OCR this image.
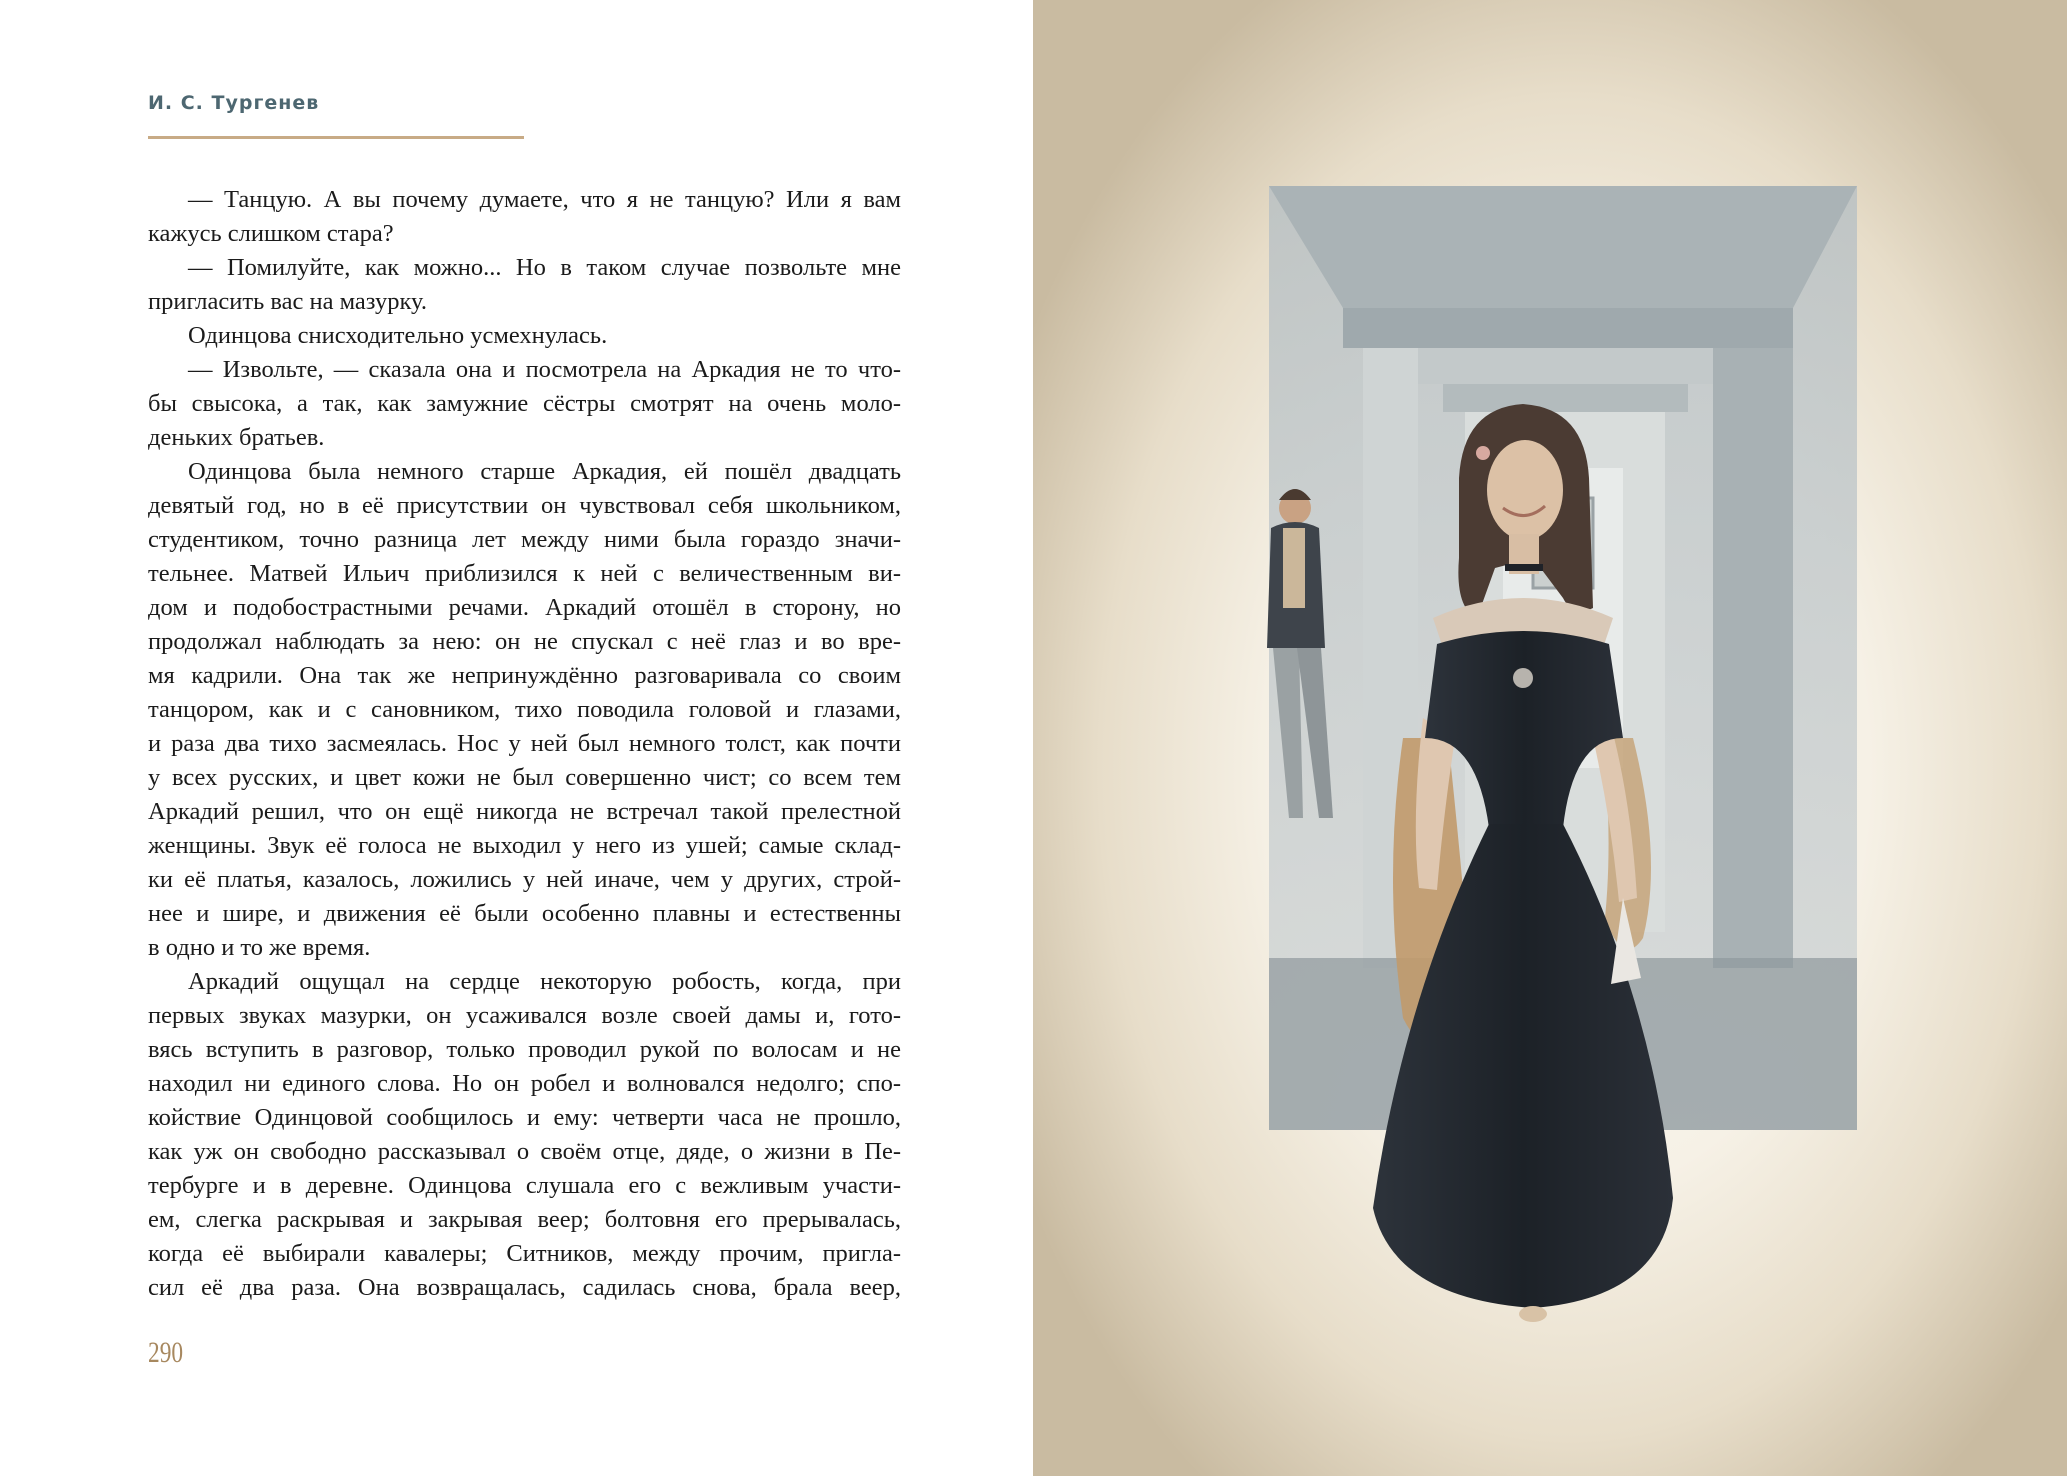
И. С. Тургенев
— Танцую. А вы почему думаете, что я не танцую? Или я вам
кажусь слишком стара?
— Помилуйте, как можно... Но в таком случае позвольте мне
пригласить вас на мазурку.
Одинцова снисходительно усмехнулась.
— Извольте, — сказала она и посмотрела на Аркадия не то что-
бы свысока, а так, как замужние сёстры смотрят на очень моло-
деньких братьев.
Одинцова была немного старше Аркадия, ей пошёл двадцать
девятый год, но в её присутствии он чувствовал себя школьником,
студентиком, точно разница лет между ними была гораздо значи-
тельнее. Матвей Ильич приблизился к ней с величественным ви-
дом и подобострастными речами. Аркадий отошёл в сторону, но
продолжал наблюдать за нею: он не спускал с неё глаз и во вре-
мя кадрили. Она так же непринуждённо разговаривала со своим
танцором, как и с сановником, тихо поводила головой и глазами,
и раза два тихо засмеялась. Нос у ней был немного толст, как почти
у всех русских, и цвет кожи не был совершенно чист; со всем тем
Аркадий решил, что он ещё никогда не встречал такой прелестной
женщины. Звук её голоса не выходил у него из ушей; самые склад-
ки её платья, казалось, ложились у ней иначе, чем у других, строй-
нее и шире, и движения её были особенно плавны и естественны
в одно и то же время.
Аркадий ощущал на сердце некоторую робость, когда, при
первых звуках мазурки, он усаживался возле своей дамы и, гото-
вясь вступить в разговор, только проводил рукой по волосам и не
находил ни единого слова. Но он робел и волновался недолго; спо-
койствие Одинцовой сообщилось и ему: четверти часа не прошло,
как уж он свободно рассказывал о своём отце, дяде, о жизни в Пе-
тербурге и в деревне. Одинцова слушала его с вежливым участи-
ем, слегка раскрывая и закрывая веер; болтовня его прерывалась,
когда её выбирали кавалеры; Ситников, между прочим, пригла-
сил её два раза. Она возвращалась, садилась снова, брала веер,
290
